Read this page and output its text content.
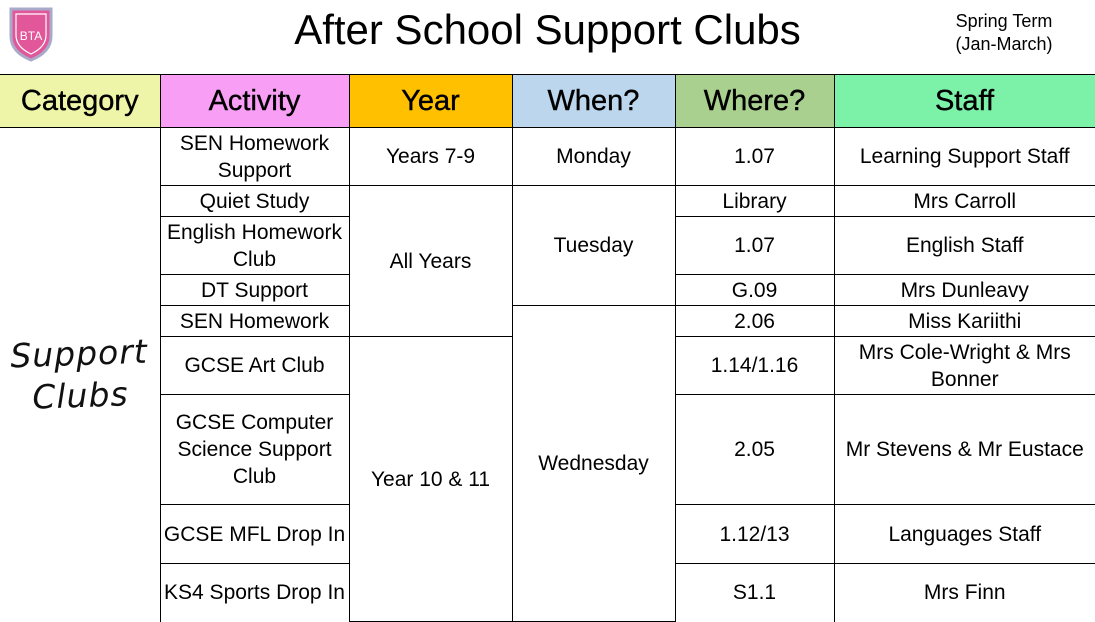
BTA	After School Support Clubs	Spring Term
(Jan-March)
Category	Activity	Year	When?	Where?	Staff
Support
Clubs	SEN Homework Support	Years 7-9	Monday	1.07	Learning Support Staff
	Quiet Study	All Years	Tuesday	Library	Mrs Carroll
	English Homework Club			1.07	English Staff
	DT Support			G.09	Mrs Dunleavy
	SEN Homework		Wednesday	2.06	Miss Kariithi
	GCSE Art Club	Year 10 & 11		1.14/1.16	Mrs Cole-Wright & Mrs Bonner
	GCSE Computer Science Support Club			2.05	Mr Stevens & Mr Eustace
	GCSE MFL Drop In			1.12/13	Languages Staff
	KS4 Sports Drop In			S1.1	Mrs Finn
